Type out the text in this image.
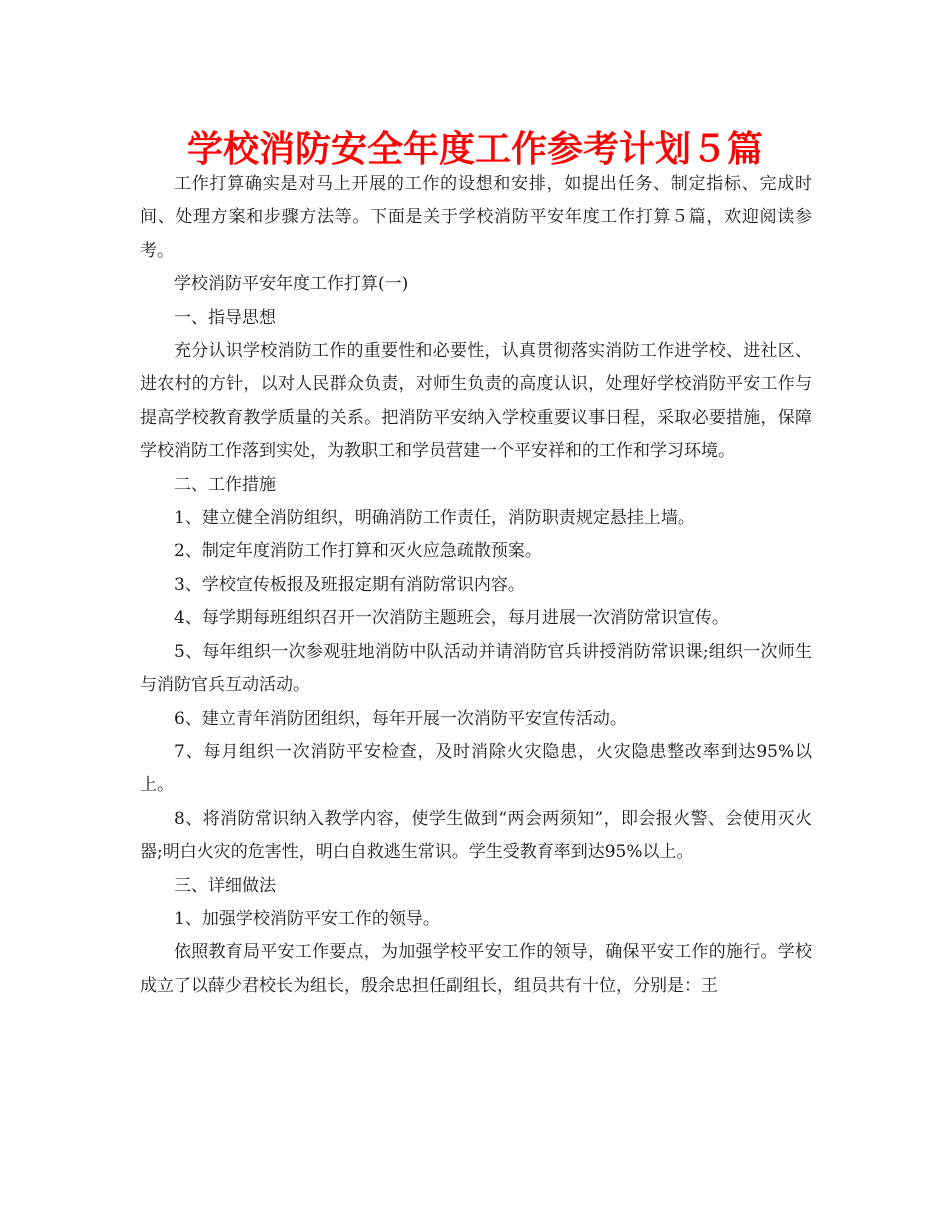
学校消防安全年度工作参考计划５篇

工作打算确实是对马上开展的工作的设想和安排，如提出任务、制定指标、完成时间、处理方案和步骤方法等。下面是关于学校消防平安年度工作打算５篇，欢迎阅读参考。

学校消防平安年度工作打算(一)

一、指导思想

充分认识学校消防工作的重要性和必要性，认真贯彻落实消防工作进学校、进社区、进农村的方针，以对人民群众负责，对师生负责的高度认识，处理好学校消防平安工作与提高学校教育教学质量的关系。把消防平安纳入学校重要议事日程，采取必要措施，保障学校消防工作落到实处，为教职工和学员营建一个平安祥和的工作和学习环境。

二、工作措施

1、建立健全消防组织，明确消防工作责任，消防职责规定悬挂上墙。

2、制定年度消防工作打算和灭火应急疏散预案。

3、学校宣传板报及班报定期有消防常识内容。

4、每学期每班组织召开一次消防主题班会，每月进展一次消防常识宣传。

5、每年组织一次参观驻地消防中队活动并请消防官兵讲授消防常识课;组织一次师生与消防官兵互动活动。

6、建立青年消防团组织，每年开展一次消防平安宣传活动。

7、每月组织一次消防平安检查，及时消除火灾隐患，火灾隐患整改率到达95%以上。

8、将消防常识纳入教学内容，使学生做到“两会两须知”，即会报火警、会使用灭火器;明白火灾的危害性，明白自救逃生常识。学生受教育率到达95%以上。

三、详细做法

1、加强学校消防平安工作的领导。

依照教育局平安工作要点，为加强学校平安工作的领导，确保平安工作的施行。学校成立了以薛少君校长为组长，殷余忠担任副组长，组员共有十位，分别是：王
